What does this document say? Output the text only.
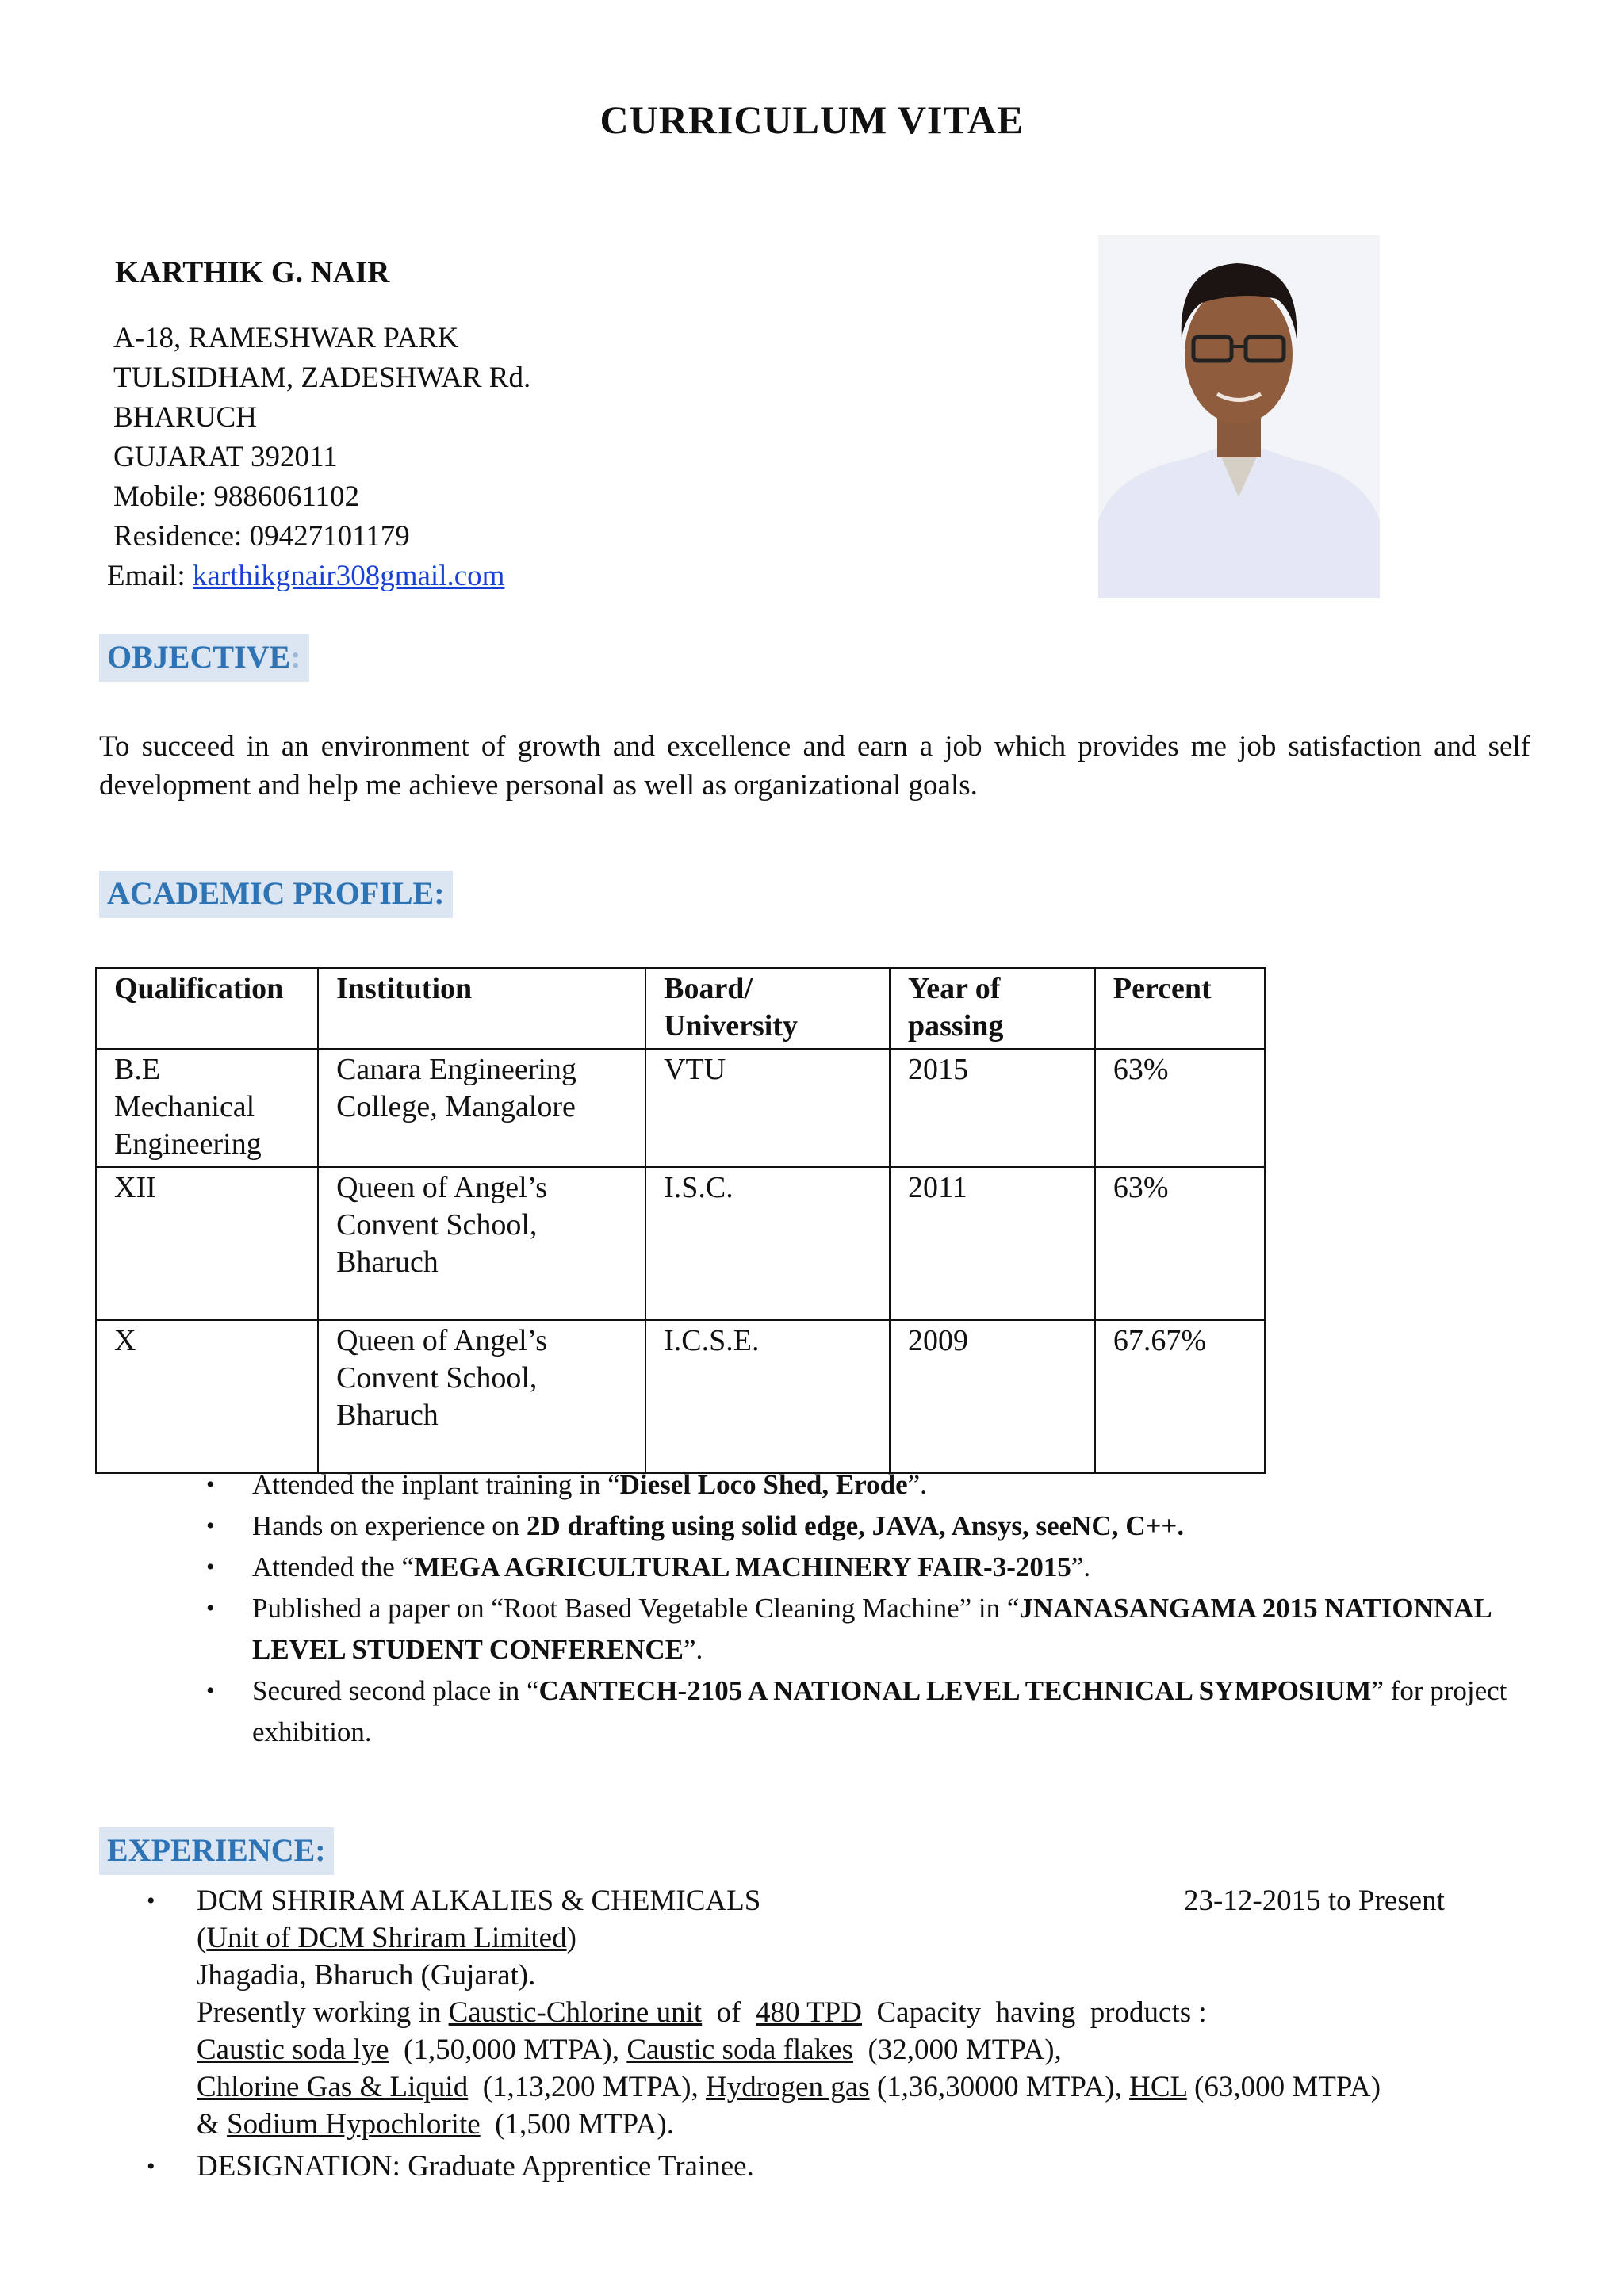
CURRICULUM VITAE
KARTHIK G. NAIR
A-18, RAMESHWAR PARK
TULSIDHAM, ZADESHWAR Rd.
BHARUCH
GUJARAT 392011
Mobile: 9886061102
Residence: 09427101179
Email: karthikgnair308gmail.com
OBJECTIVE:
To succeed in an environment of growth and excellence and earn a job which provides me job satisfaction and self development and help me achieve personal as well as organizational goals.
ACADEMIC PROFILE:
Qualification	Institution	Board/ University	Year of passing	Percent
B.E Mechanical Engineering	Canara Engineering College, Mangalore	VTU	2015	63%
XII	Queen of Angel’s Convent School, Bharuch	I.S.C.	2011	63%
X	Queen of Angel’s Convent School, Bharuch	I.C.S.E.	2009	67.67%
• Attended the inplant training in “Diesel Loco Shed, Erode”.
• Hands on experience on 2D drafting using solid edge, JAVA, Ansys, seeNC, C++.
• Attended the “MEGA AGRICULTURAL MACHINERY FAIR-3-2015”.
• Published a paper on “Root Based Vegetable Cleaning Machine” in “JNANASANGAMA 2015 NATIONNAL LEVEL STUDENT CONFERENCE”.
• Secured second place in “CANTECH-2105 A NATIONAL LEVEL TECHNICAL SYMPOSIUM” for project exhibition.
EXPERIENCE:
• DCM SHRIRAM ALKALIES & CHEMICALS	23-12-2015 to Present
(Unit of DCM Shriram Limited)
Jhagadia, Bharuch (Gujarat).
Presently working in Caustic-Chlorine unit  of  480 TPD  Capacity  having  products :
Caustic soda lye  (1,50,000 MTPA), Caustic soda flakes  (32,000 MTPA),
Chlorine Gas & Liquid  (1,13,200 MTPA), Hydrogen gas (1,36,30000 MTPA), HCL (63,000 MTPA)
& Sodium Hypochlorite  (1,500 MTPA).
• DESIGNATION: Graduate Apprentice Trainee.
